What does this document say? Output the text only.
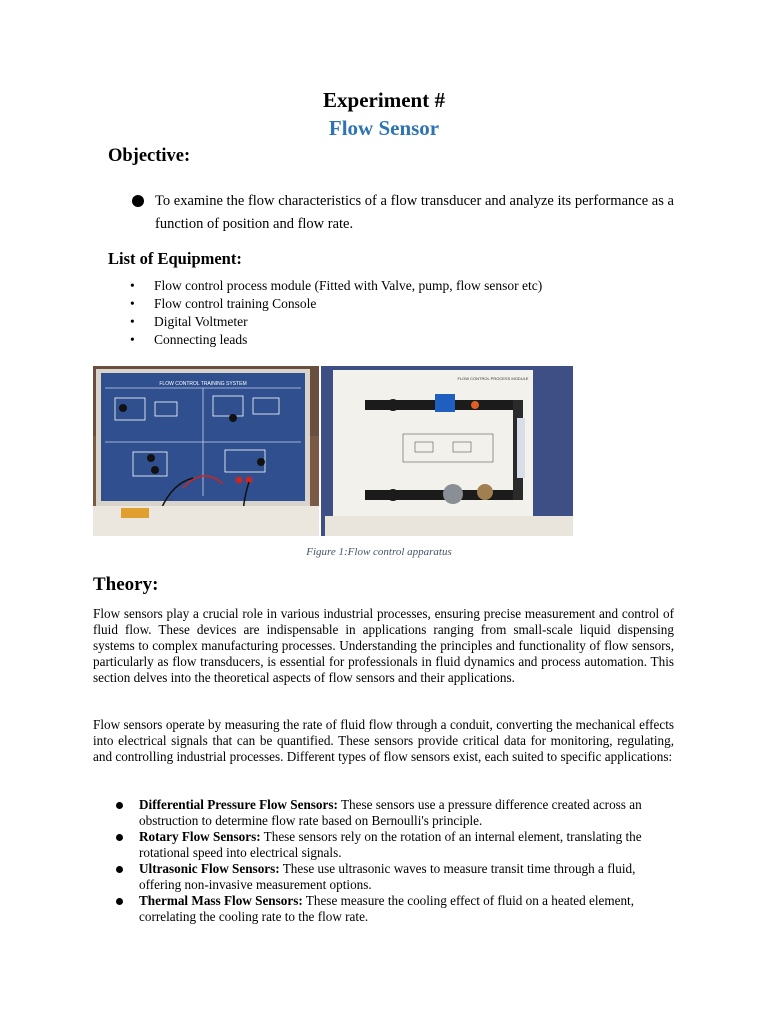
Experiment #
Flow Sensor
Objective:
To examine the flow characteristics of a flow transducer and analyze its performance as a function of position and flow rate.
List of Equipment:
• Flow control process module (Fitted with Valve, pump, flow sensor etc)
• Flow control training Console
• Digital Voltmeter
• Connecting leads
FLOW CONTROL TRAINING SYSTEM
FLOW CONTROL PROCESS MODULE
Figure 1:Flow control apparatus
Theory:
Flow sensors play a crucial role in various industrial processes, ensuring precise measurement and control of fluid flow. These devices are indispensable in applications ranging from small-scale liquid dispensing systems to complex manufacturing processes. Understanding the principles and functionality of flow sensors, particularly as flow transducers, is essential for professionals in fluid dynamics and process automation. This section delves into the theoretical aspects of flow sensors and their applications.
Flow sensors operate by measuring the rate of fluid flow through a conduit, converting the mechanical effects into electrical signals that can be quantified. These sensors provide critical data for monitoring, regulating, and controlling industrial processes. Different types of flow sensors exist, each suited to specific applications:
Differential Pressure Flow Sensors: These sensors use a pressure difference created across an obstruction to determine flow rate based on Bernoulli's principle.
Rotary Flow Sensors: These sensors rely on the rotation of an internal element, translating the rotational speed into electrical signals.
Ultrasonic Flow Sensors: These use ultrasonic waves to measure transit time through a fluid, offering non-invasive measurement options.
Thermal Mass Flow Sensors: These measure the cooling effect of fluid on a heated element, correlating the cooling rate to the flow rate.
